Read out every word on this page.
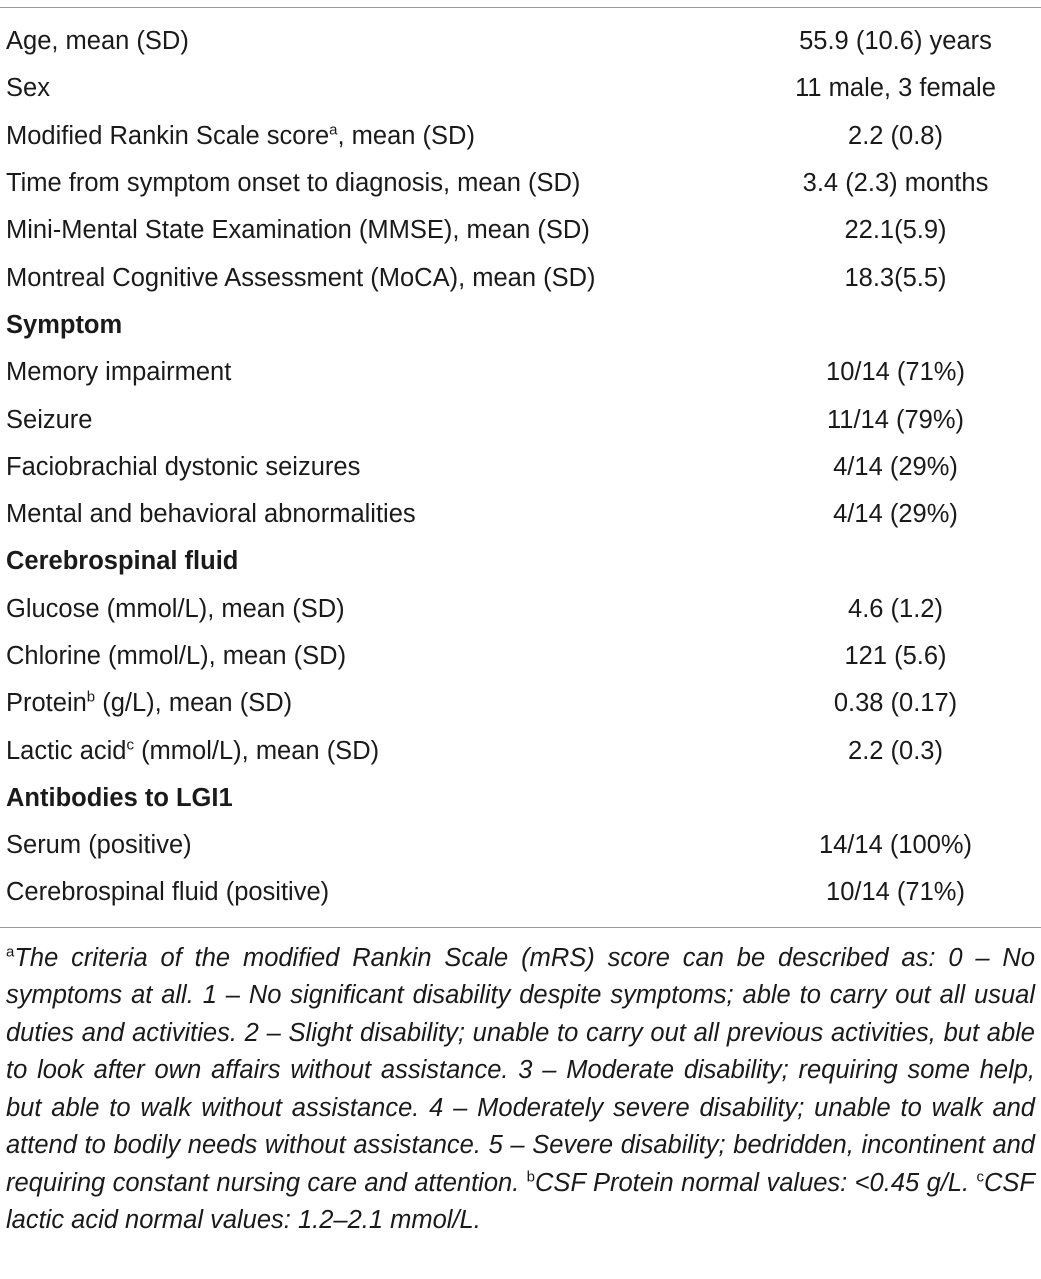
Age, mean (SD)	55.9 (10.6) years
Sex	11 male, 3 female
Modified Rankin Scale score$^a$, mean (SD)	2.2 (0.8)
Time from symptom onset to diagnosis, mean (SD)	3.4 (2.3) months
Mini-Mental State Examination (MMSE), mean (SD)	22.1(5.9)
Montreal Cognitive Assessment (MoCA), mean (SD)	18.3(5.5)
Symptom	
Memory impairment	10/14 (71%)
Seizure	11/14 (79%)
Faciobrachial dystonic seizures	4/14 (29%)
Mental and behavioral abnormalities	4/14 (29%)
Cerebrospinal fluid	
Glucose (mmol/L), mean (SD)	4.6 (1.2)
Chlorine (mmol/L), mean (SD)	121 (5.6)
Protein$^b$ (g/L), mean (SD)	0.38 (0.17)
Lactic acid$^c$ (mmol/L), mean (SD)	2.2 (0.3)
Antibodies to LGI1	
Serum (positive)	14/14 (100%)
Cerebrospinal fluid (positive)	10/14 (71%)
$^a$The criteria of the modified Rankin Scale (mRS) score can be described as: 0 – No symptoms at all. 1 – No significant disability despite symptoms; able to carry out all usual duties and activities. 2 – Slight disability; unable to carry out all previous activities, but able to look after own affairs without assistance. 3 – Moderate disability; requiring some help, but able to walk without assistance. 4 – Moderately severe disability; unable to walk and attend to bodily needs without assistance. 5 – Severe disability; bedridden, incontinent and requiring constant nursing care and attention. $^b$CSF Protein normal values: <0.45 g/L. $^c$CSF lactic acid normal values: 1.2–2.1 mmol/L.
